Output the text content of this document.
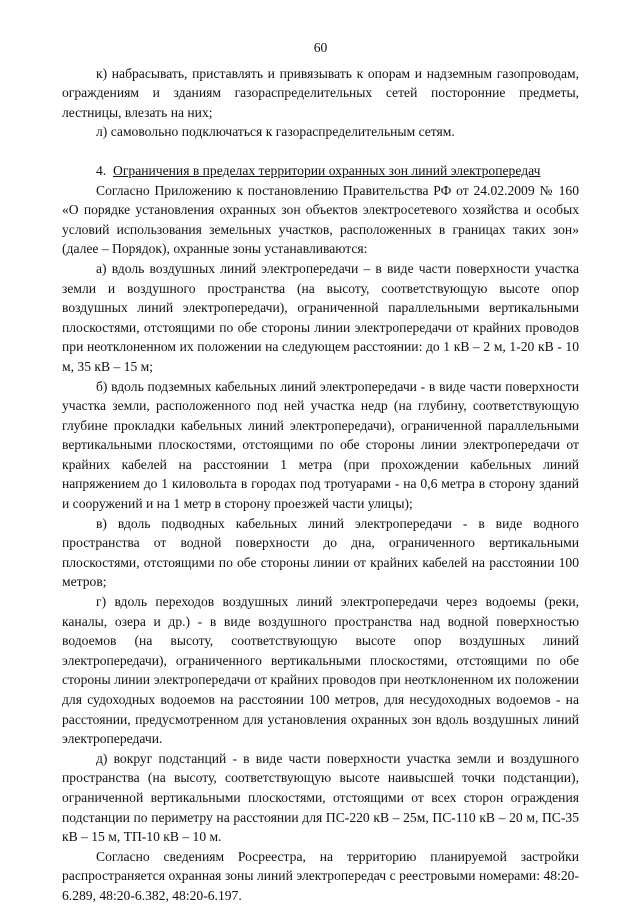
60

к) набрасывать, приставлять и привязывать к опорам и надземным газопроводам, ограждениям и зданиям газораспределительных сетей посторонние предметы, лестницы, влезать на них;

л) самовольно подключаться к газораспределительным сетям.

4. Ограничения в пределах территории охранных зон линий электропередач

Согласно Приложению к постановлению Правительства РФ от 24.02.2009 № 160 «О порядке установления охранных зон объектов электросетевого хозяйства и особых условий использования земельных участков, расположенных в границах таких зон» (далее – Порядок), охранные зоны устанавливаются:

а) вдоль воздушных линий электропередачи – в виде части поверхности участка земли и воздушного пространства (на высоту, соответствующую высоте опор воздушных линий электропередачи), ограниченной параллельными вертикальными плоскостями, отстоящими по обе стороны линии электропередачи от крайних проводов при неотклоненном их положении на следующем расстоянии: до 1 кВ – 2 м, 1-20 кВ - 10 м, 35 кВ – 15 м;

б) вдоль подземных кабельных линий электропередачи - в виде части поверхности участка земли, расположенного под ней участка недр (на глубину, соответствующую глубине прокладки кабельных линий электропередачи), ограниченной параллельными вертикальными плоскостями, отстоящими по обе стороны линии электропередачи от крайних кабелей на расстоянии 1 метра (при прохождении кабельных линий напряжением до 1 киловольта в городах под тротуарами - на 0,6 метра в сторону зданий и сооружений и на 1 метр в сторону проезжей части улицы);

в) вдоль подводных кабельных линий электропередачи - в виде водного пространства от водной поверхности до дна, ограниченного вертикальными плоскостями, отстоящими по обе стороны линии от крайних кабелей на расстоянии 100 метров;

г) вдоль переходов воздушных линий электропередачи через водоемы (реки, каналы, озера и др.) - в виде воздушного пространства над водной поверхностью водоемов (на высоту, соответствующую высоте опор воздушных линий электропередачи), ограниченного вертикальными плоскостями, отстоящими по обе стороны линии электропередачи от крайних проводов при неотклоненном их положении для судоходных водоемов на расстоянии 100 метров, для несудоходных водоемов - на расстоянии, предусмотренном для установления охранных зон вдоль воздушных линий электропередачи.

д) вокруг подстанций - в виде части поверхности участка земли и воздушного пространства (на высоту, соответствующую высоте наивысшей точки подстанции), ограниченной вертикальными плоскостями, отстоящими от всех сторон ограждения подстанции по периметру на расстоянии для ПС-220 кВ – 25м, ПС-110 кВ – 20 м, ПС-35 кВ – 15 м, ТП-10 кВ – 10 м.

Согласно сведениям Росреестра, на территорию планируемой застройки распространяется охранная зоны линий электропередач с реестровыми номерами: 48:20-6.289, 48:20-6.382, 48:20-6.197.
